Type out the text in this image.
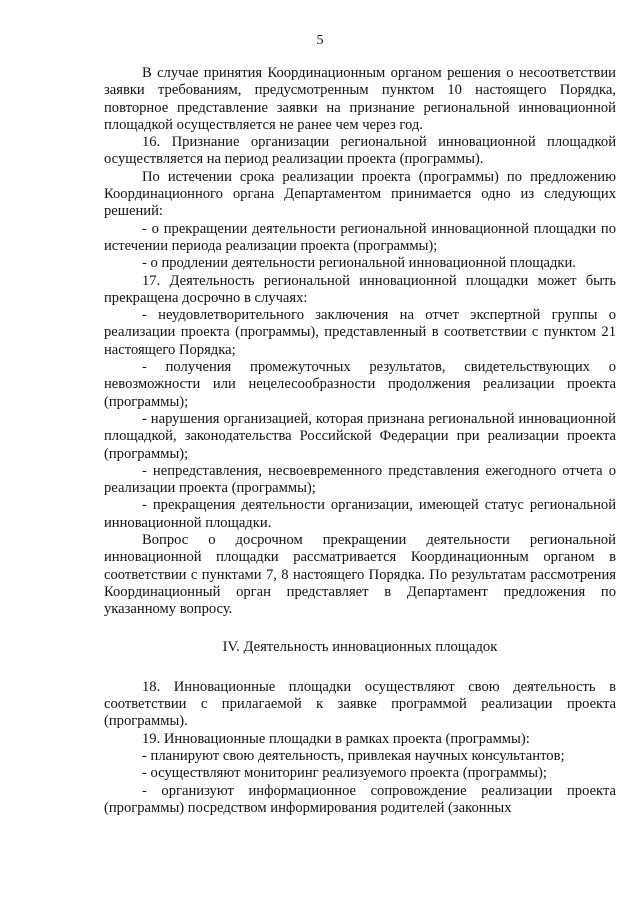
5

В случае принятия Координационным органом решения о несоответствии заявки требованиям, предусмотренным пунктом 10 настоящего Порядка, повторное представление заявки на признание региональной инновационной площадкой осуществляется не ранее чем через год.

16. Признание организации региональной инновационной площадкой осуществляется на период реализации проекта (программы).

По истечении срока реализации проекта (программы) по предложению Координационного органа Департаментом принимается одно из следующих решений:

- о прекращении деятельности региональной инновационной площадки по истечении периода реализации проекта (программы);

- о продлении деятельности региональной инновационной площадки.

17. Деятельность региональной инновационной площадки может быть прекращена досрочно в случаях:

- неудовлетворительного заключения на отчет экспертной группы о реализации проекта (программы), представленный в соответствии с пунктом 21 настоящего Порядка;

- получения промежуточных результатов, свидетельствующих о невозможности или нецелесообразности продолжения реализации проекта (программы);

- нарушения организацией, которая признана региональной инновационной площадкой, законодательства Российской Федерации при реализации проекта (программы);

- непредставления, несвоевременного представления ежегодного отчета о реализации проекта (программы);

- прекращения деятельности организации, имеющей статус региональной инновационной площадки.

Вопрос о досрочном прекращении деятельности региональной инновационной площадки рассматривается Координационным органом в соответствии с пунктами 7, 8 настоящего Порядка. По результатам рассмотрения Координационный орган представляет в Департамент предложения по указанному вопросу.

IV. Деятельность инновационных площадок

18. Инновационные площадки осуществляют свою деятельность в соответствии с прилагаемой к заявке программой реализации проекта (программы).

19. Инновационные площадки в рамках проекта (программы):

- планируют свою деятельность, привлекая научных консультантов;

- осуществляют мониторинг реализуемого проекта (программы);

- организуют информационное сопровождение реализации проекта (программы) посредством информирования родителей (законных
